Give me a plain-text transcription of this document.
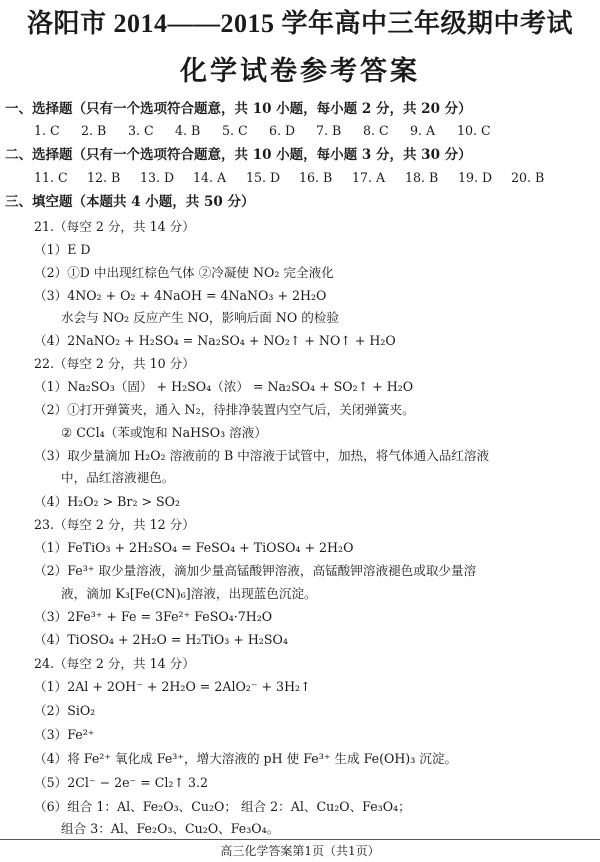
洛阳市 2014——2015 学年高中三年级期中考试
化学试卷参考答案
一、选择题（只有一个选项符合题意，共 10 小题，每小题 2 分，共 20 分）
1. C 2. B 3. C 4. B 5. C 6. D 7. B 8. C 9. A 10. C
二、选择题（只有一个选项符合题意，共 10 小题，每小题 3 分，共 30 分）
11. C 12. B 13. D 14. A 15. D 16. B 17. A 18. B 19. D 20. B
三、填空题（本题共 4 小题，共 50 分）
21.（每空 2 分，共 14 分）
（1）E D
（2）①D 中出现红棕色气体 ②冷凝使 NO₂ 完全液化
（3）4NO₂ + O₂ + 4NaOH = 4NaNO₃ + 2H₂O
水会与 NO₂ 反应产生 NO，影响后面 NO 的检验
（4）2NaNO₂ + H₂SO₄ = Na₂SO₄ + NO₂↑ + NO↑ + H₂O
22.（每空 2 分，共 10 分）
（1）Na₂SO₃（固） + H₂SO₄（浓） = Na₂SO₄ + SO₂↑ + H₂O
（2）①打开弹簧夹，通入 N₂，待排净装置内空气后，关闭弹簧夹。
② CCl₄（苯或饱和 NaHSO₃ 溶液）
（3）取少量滴加 H₂O₂ 溶液前的 B 中溶液于试管中，加热，将气体通入品红溶液
中，品红溶液褪色。
（4）H₂O₂ > Br₂ > SO₂
23.（每空 2 分，共 12 分）
（1）FeTiO₃ + 2H₂SO₄ = FeSO₄ + TiOSO₄ + 2H₂O
（2）Fe³⁺ 取少量溶液，滴加少量高锰酸钾溶液，高锰酸钾溶液褪色或取少量溶
液，滴加 K₃[Fe(CN)₆]溶液，出现蓝色沉淀。
（3）2Fe³⁺ + Fe = 3Fe²⁺ FeSO₄·7H₂O
（4）TiOSO₄ + 2H₂O = H₂TiO₃ + H₂SO₄
24.（每空 2 分，共 14 分）
（1）2Al + 2OH⁻ + 2H₂O = 2AlO₂⁻ + 3H₂↑
（2）SiO₂
（3）Fe²⁺
（4）将 Fe²⁺ 氧化成 Fe³⁺，增大溶液的 pH 使 Fe³⁺ 生成 Fe(OH)₃ 沉淀。
（5）2Cl⁻ − 2e⁻ = Cl₂↑ 3.2
（6）组合 1：Al、Fe₂O₃、Cu₂O； 组合 2：Al、Cu₂O、Fe₃O₄；
组合 3：Al、Fe₂O₃、Cu₂O、Fe₃O₄。
高三化学答案第1页（共1页）
